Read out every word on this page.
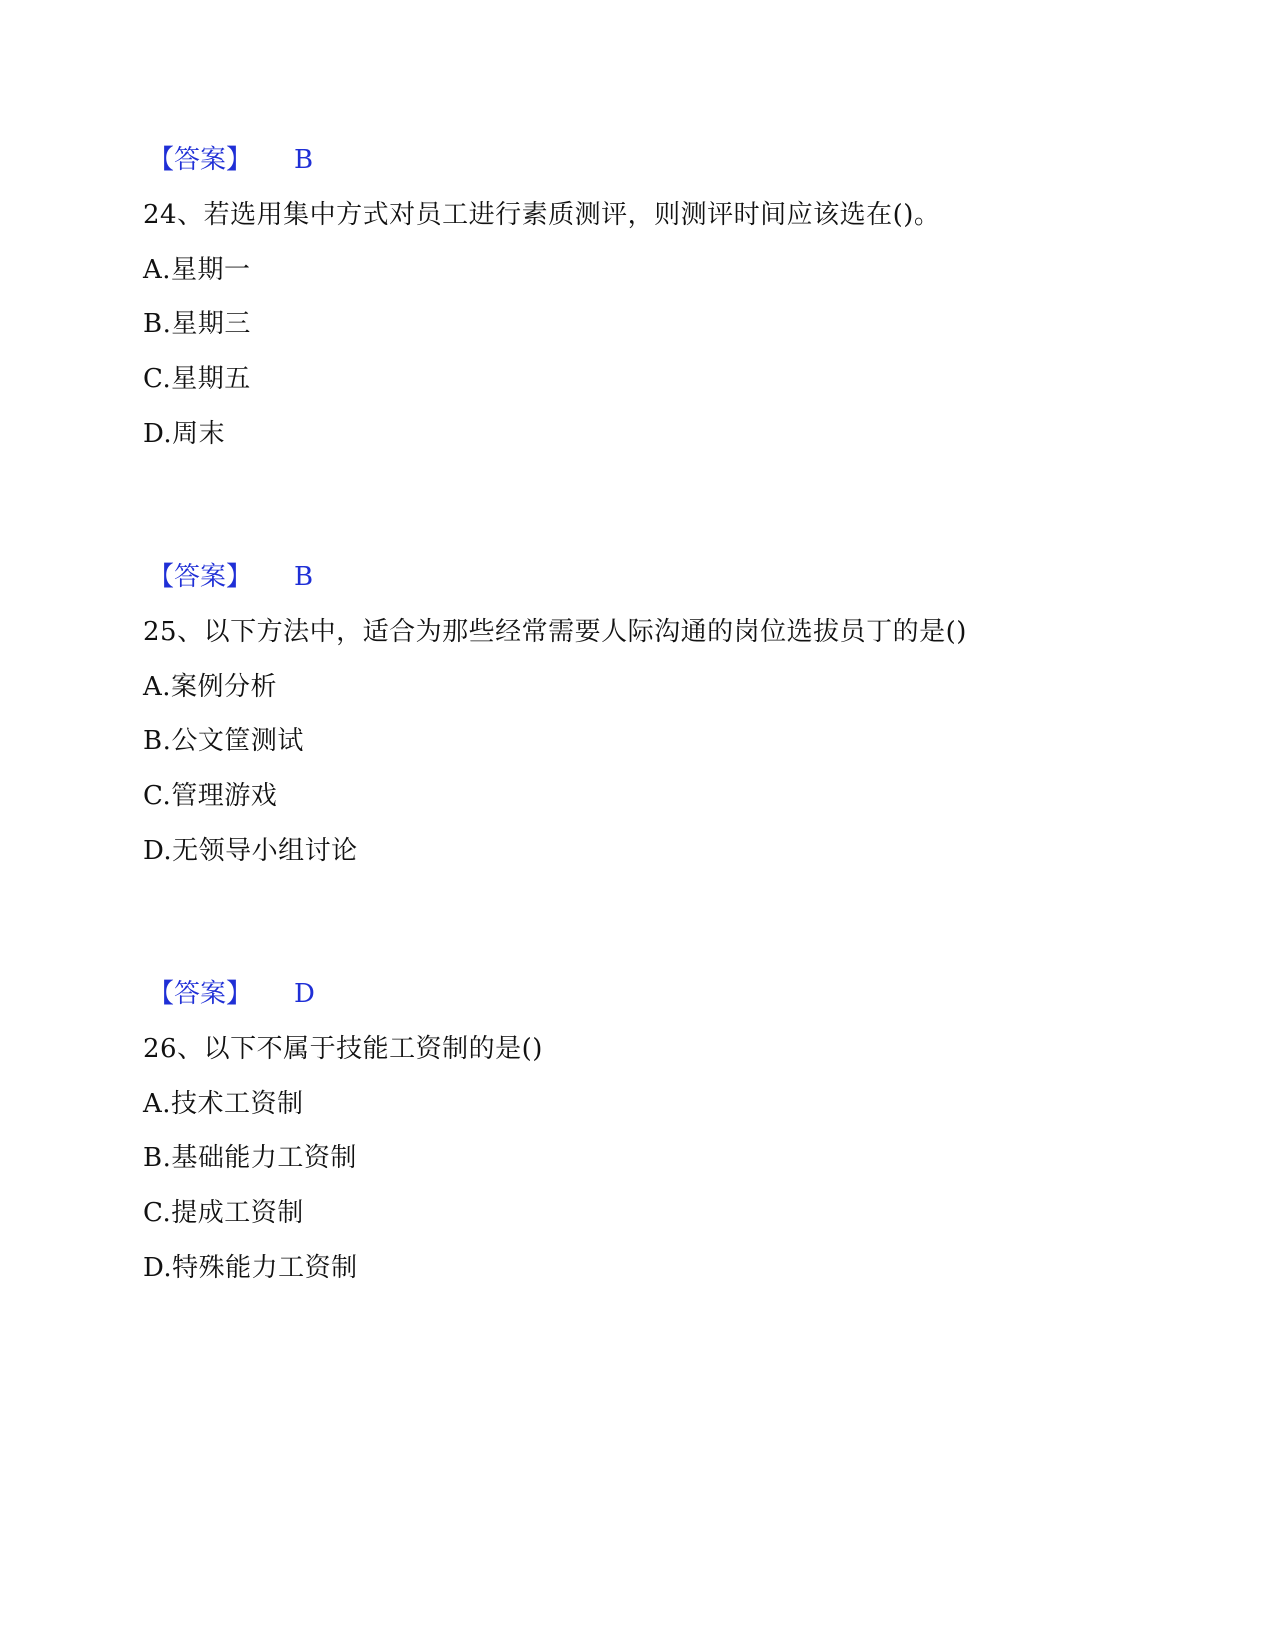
【答案】 B
24、若选用集中方式对员工进行素质测评，则测评时间应该选在()。
A.星期一
B.星期三
C.星期五
D.周末
【答案】 B
25、以下方法中，适合为那些经常需要人际沟通的岗位选拔员丁的是()
A.案例分析
B.公文筐测试
C.管理游戏
D.无领导小组讨论
【答案】 D
26、以下不属于技能工资制的是()
A.技术工资制
B.基础能力工资制
C.提成工资制
D.特殊能力工资制
